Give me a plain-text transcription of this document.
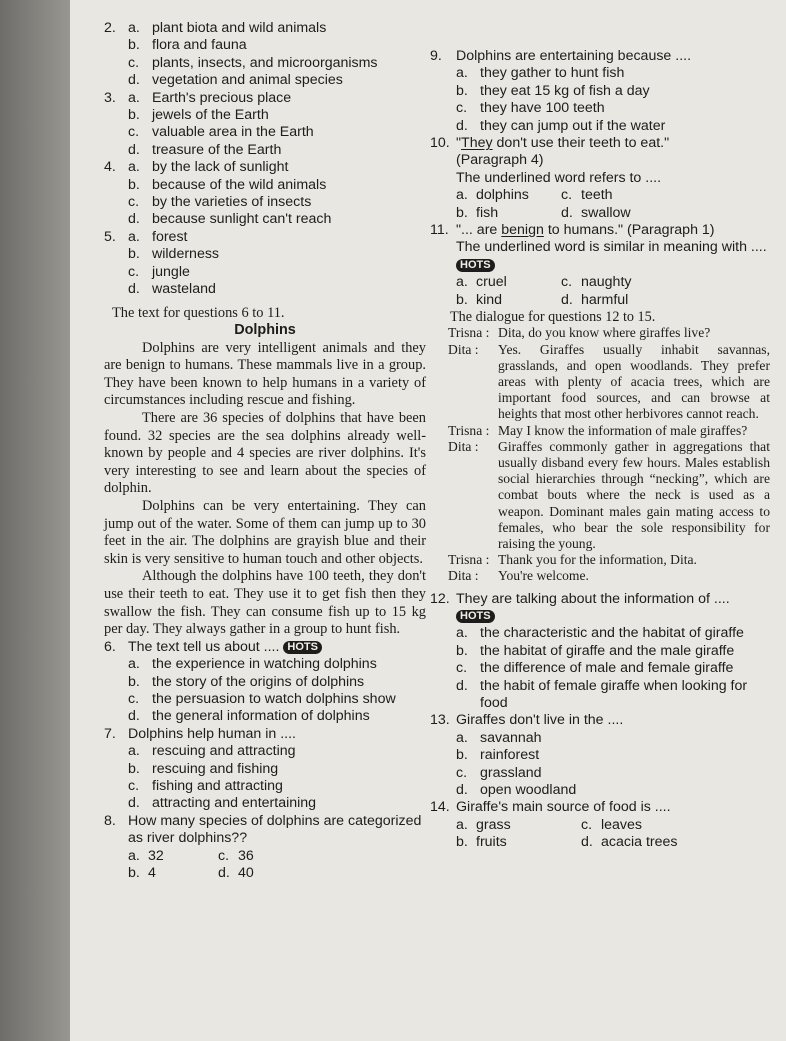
2. a. plant biota and wild animals
b. flora and fauna
c. plants, insects, and microorganisms
d. vegetation and animal species
3. a. Earth's precious place
b. jewels of the Earth
c. valuable area in the Earth
d. treasure of the Earth
4. a. by the lack of sunlight
b. because of the wild animals
c. by the varieties of insects
d. because sunlight can't reach
5. a. forest
b. wilderness
c. jungle
d. wasteland
The text for questions 6 to 11.
Dolphins

Dolphins are very intelligent animals and they are benign to humans. These mammals live in a group. They have been known to help humans in a variety of circumstances including rescue and fishing.

There are 36 species of dolphins that have been found. 32 species are the sea dolphins already well-known by people and 4 species are river dolphins. It's very interesting to see and learn about the species of dolphin.

Dolphins can be very entertaining. They can jump out of the water. Some of them can jump up to 30 feet in the air. The dolphins are grayish blue and their skin is very sensitive to human touch and other objects.

Although the dolphins have 100 teeth, they don't use their teeth to eat. They use it to get fish then they swallow the fish. They can consume fish up to 15 kg per day. They always gather in a group to hunt fish.

6. The text tell us about .... HOTS
a. the experience in watching dolphins
b. the story of the origins of dolphins
c. the persuasion to watch dolphins show
d. the general information of dolphins
7. Dolphins help human in ....
a. rescuing and attracting
b. rescuing and fishing
c. fishing and attracting
d. attracting and entertaining
8. How many species of dolphins are categorized as river dolphins??
a. 32	c. 36
b. 4	d. 40
9. Dolphins are entertaining because ....
a. they gather to hunt fish
b. they eat 15 kg of fish a day
c. they have 100 teeth
d. they can jump out if the water
10. "They don't use their teeth to eat."
(Paragraph 4)
The underlined word refers to ....
a. dolphins	c. teeth
b. fish	d. swallow
11. "... are benign to humans." (Paragraph 1)
The underlined word is similar in meaning with .... HOTS
a. cruel	c. naughty
b. kind	d. harmful
The dialogue for questions 12 to 15.
Trisna : Dita, do you know where giraffes live?
Dita :	Yes. Giraffes usually inhabit savannas, grasslands, and open woodlands. They prefer areas with plenty of acacia trees, which are important food sources, and can browse at heights that most other herbivores cannot reach.
Trisna : May I know the information of male giraffes?
Dita :	Giraffes commonly gather in aggregations that usually disband every few hours. Males establish social hierarchies through “necking”, which are combat bouts where the neck is used as a weapon. Dominant males gain mating access to females, who bear the sole responsibility for raising the young.
Trisna : Thank you for the information, Dita.
Dita :	You're welcome.
12. They are talking about the information of .... HOTS
a. the characteristic and the habitat of giraffe
b. the habitat of giraffe and the male giraffe
c. the difference of male and female giraffe
d. the habit of female giraffe when looking for food
13. Giraffes don't live in the ....
a. savannah
b. rainforest
c. grassland
d. open woodland
14. Giraffe's main source of food is ....
a. grass	c. leaves
b. fruits	d. acacia trees
